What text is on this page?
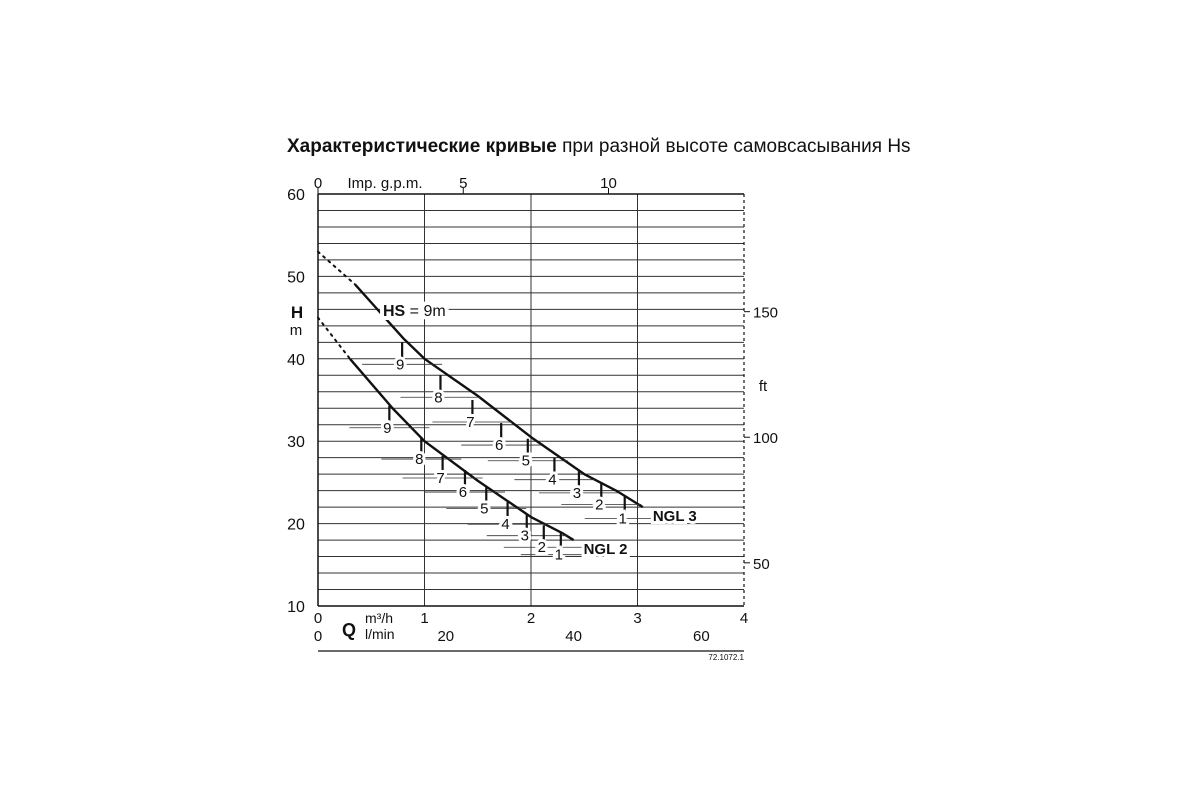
Характеристические кривые при разной высоте самовсасывания Hs
60
50
40
30
20
10
H
m
0	5	10
Imp. g.p.m.
150
100
50
ft
0	1	2	3	4
0	20	40	60
Q
m³/h
l/min
9
8
7
6
5
4
3
2
1 NGL 3
9
8
7
6
5
4
3
2 1 NGL 2
HS = 9m
72.1072.1
